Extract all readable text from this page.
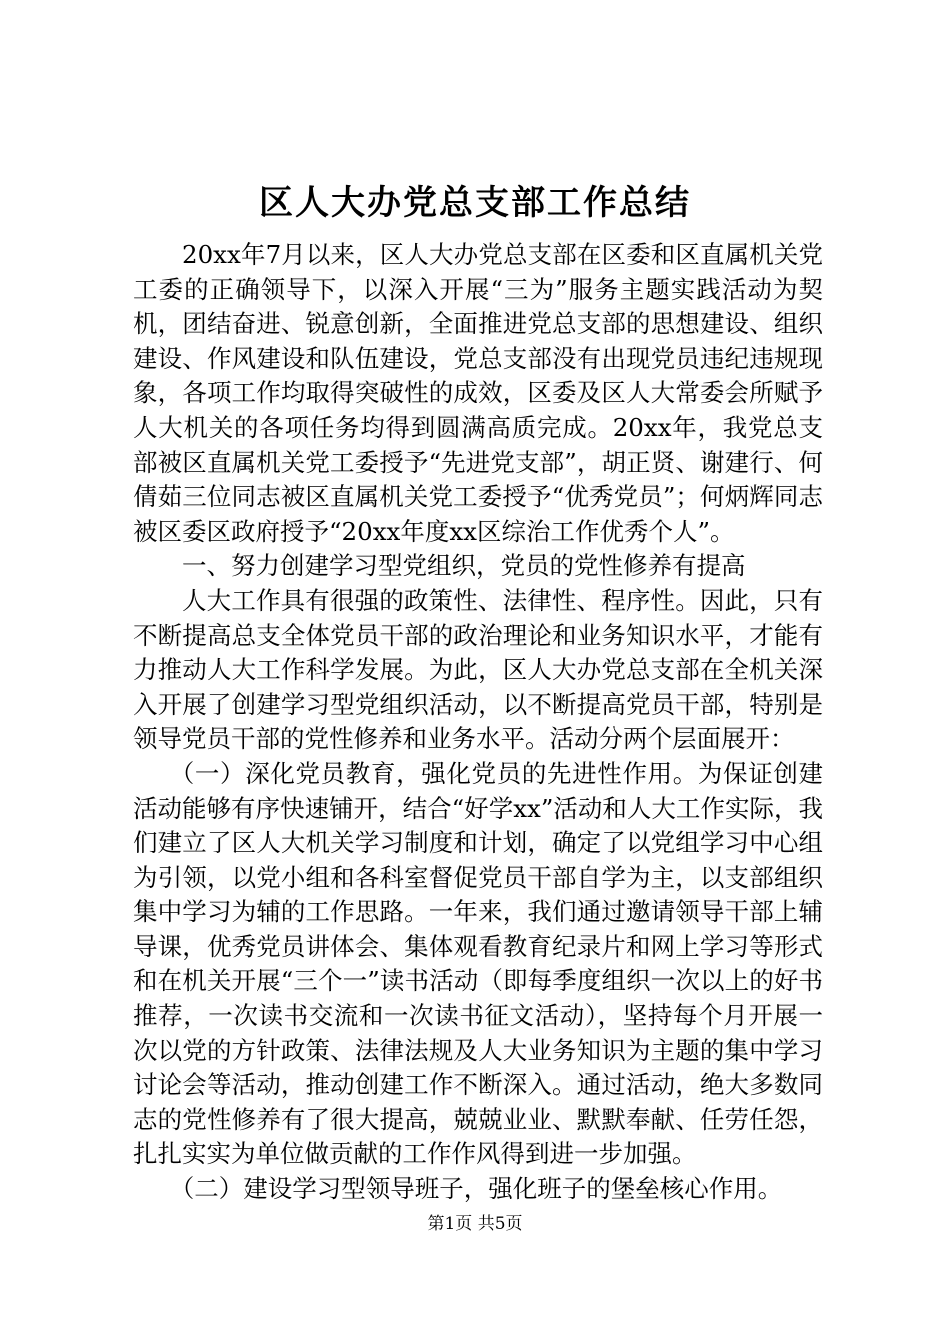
区人大办党总支部工作总结

20xx年7月以来，区人大办党总支部在区委和区直属机关党工委的正确领导下，以深入开展“三为”服务主题实践活动为契机，团结奋进、锐意创新，全面推进党总支部的思想建设、组织建设、作风建设和队伍建设，党总支部没有出现党员违纪违规现象，各项工作均取得突破性的成效，区委及区人大常委会所赋予人大机关的各项任务均得到圆满高质完成。20xx年，我党总支部被区直属机关党工委授予“先进党支部”，胡正贤、谢建行、何倩茹三位同志被区直属机关党工委授予“优秀党员”；何炳辉同志被区委区政府授予“20xx年度xx区综治工作优秀个人”。

一、努力创建学习型党组织，党员的党性修养有提高

人大工作具有很强的政策性、法律性、程序性。因此，只有不断提高总支全体党员干部的政治理论和业务知识水平，才能有力推动人大工作科学发展。为此，区人大办党总支部在全机关深入开展了创建学习型党组织活动，以不断提高党员干部，特别是领导党员干部的党性修养和业务水平。活动分两个层面展开：

（一）深化党员教育，强化党员的先进性作用。为保证创建活动能够有序快速铺开，结合“好学xx”活动和人大工作实际，我们建立了区人大机关学习制度和计划，确定了以党组学习中心组为引领，以党小组和各科室督促党员干部自学为主，以支部组织集中学习为辅的工作思路。一年来，我们通过邀请领导干部上辅导课，优秀党员讲体会、集体观看教育纪录片和网上学习等形式和在机关开展“三个一”读书活动（即每季度组织一次以上的好书推荐，一次读书交流和一次读书征文活动），坚持每个月开展一次以党的方针政策、法律法规及人大业务知识为主题的集中学习讨论会等活动，推动创建工作不断深入。通过活动，绝大多数同志的党性修养有了很大提高，兢兢业业、默默奉献、任劳任怨，扎扎实实为单位做贡献的工作作风得到进一步加强。

（二）建设学习型领导班子，强化班子的堡垒核心作用。

第1页 共5页
